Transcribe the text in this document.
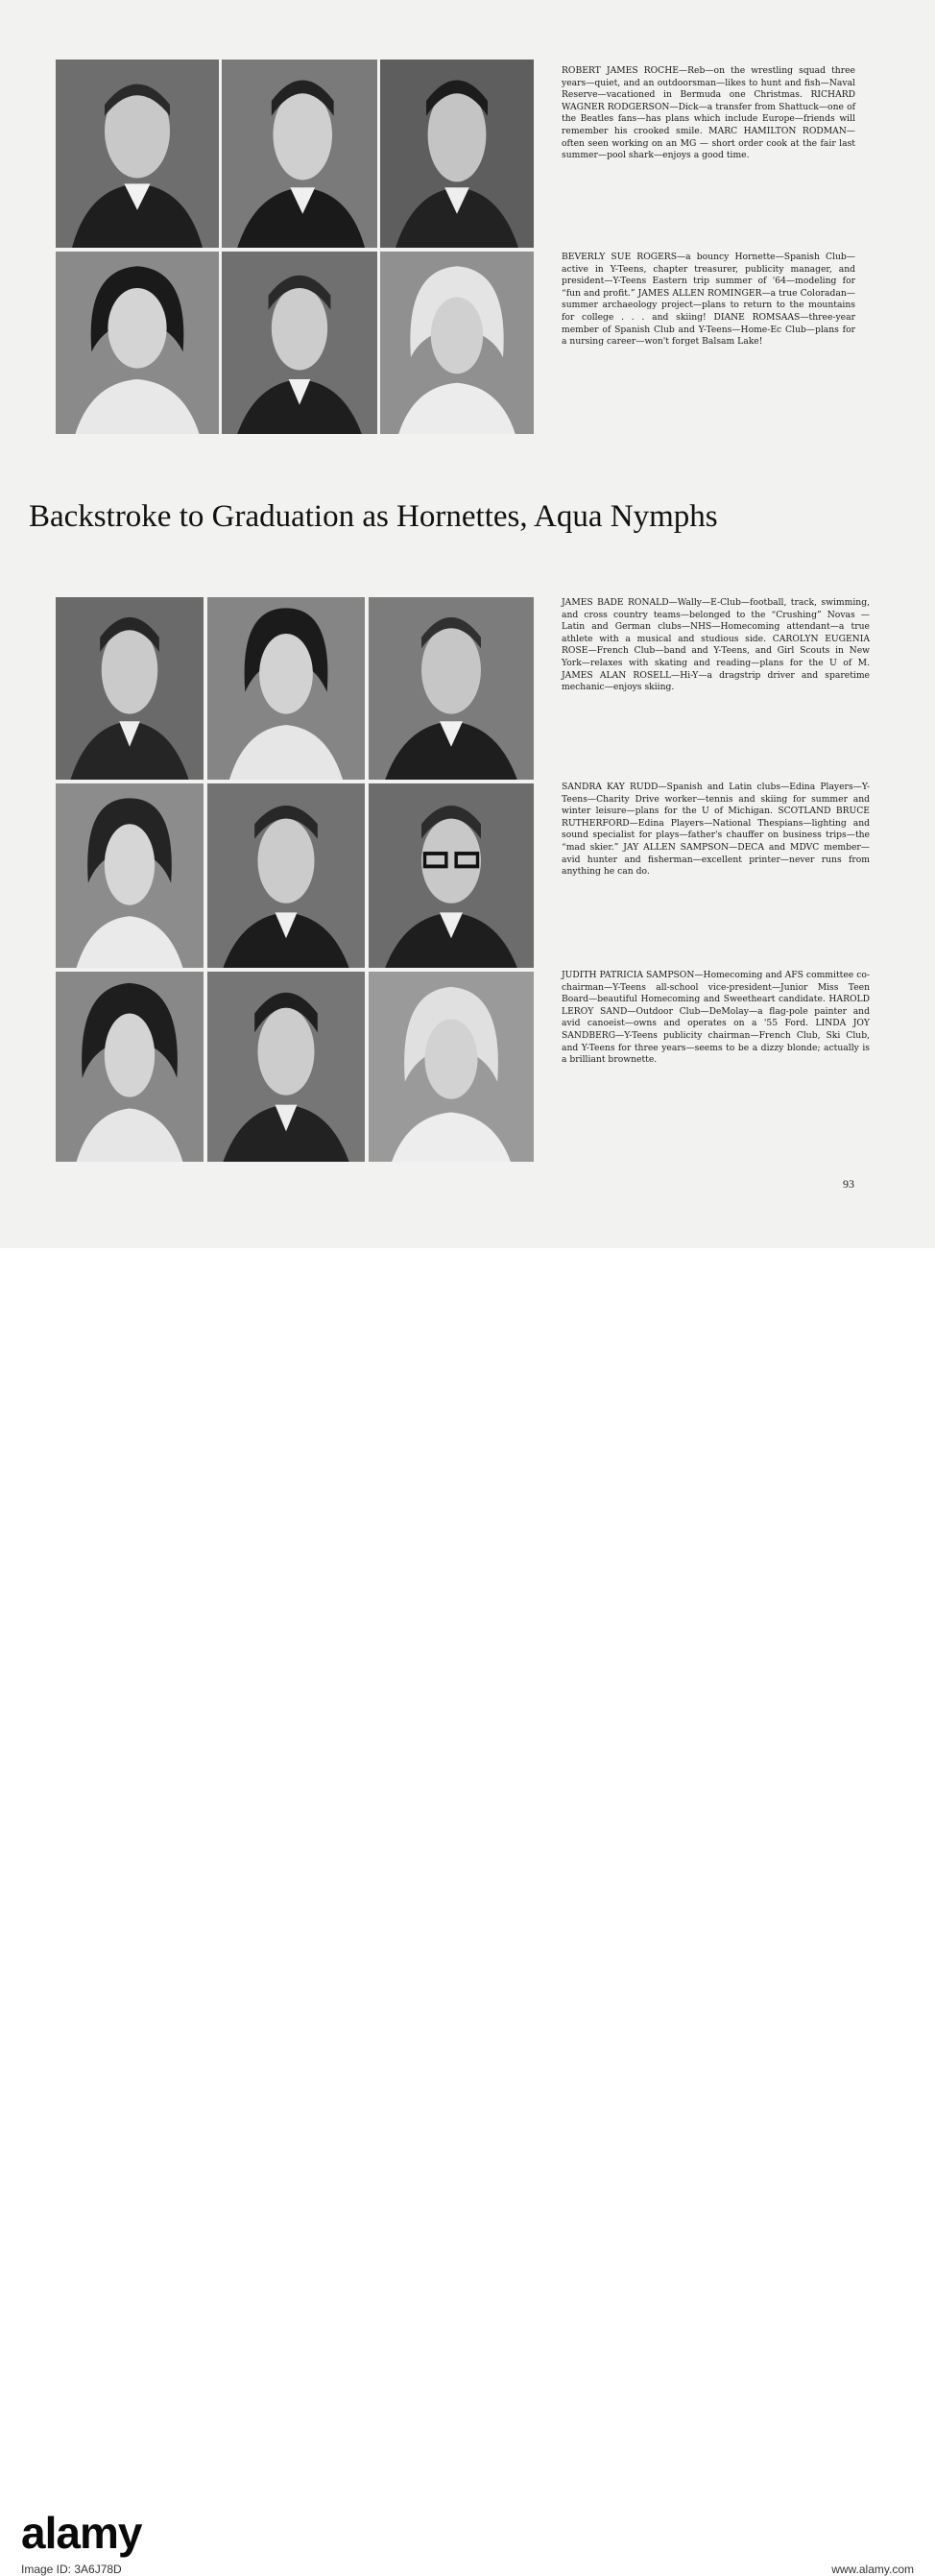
ROBERT JAMES ROCHE—Reb—on the wrestling squad three years—quiet, and an outdoorsman—likes to hunt and fish—Naval Reserve—vacationed in Bermuda one Christmas. RICHARD WAGNER RODGERSON—Dick—a transfer from Shattuck—one of the Beatles fans—has plans which include Europe—friends will remember his crooked smile. MARC HAMILTON RODMAN—often seen working on an MG — short order cook at the fair last summer—pool shark—enjoys a good time.
BEVERLY SUE ROGERS—a bouncy Hornette—Spanish Club—active in Y-Teens, chapter treasurer, publicity manager, and president—Y-Teens Eastern trip summer of '64—modeling for “fun and profit.” JAMES ALLEN ROMINGER—a true Coloradan—summer archaeology project—plans to return to the mountains for college . . . and skiing! DIANE ROMSAAS—three-year member of Spanish Club and Y-Teens—Home-Ec Club—plans for a nursing career—won't forget Balsam Lake!
Backstroke to Graduation as Hornettes, Aqua Nymphs
JAMES BADE RONALD—Wally—E-Club—football, track, swimming, and cross country teams—belonged to the “Crushing” Novas — Latin and German clubs—NHS—Homecoming attendant—a true athlete with a musical and studious side. CAROLYN EUGENIA ROSE—French Club—band and Y-Teens, and Girl Scouts in New York—relaxes with skating and reading—plans for the U of M. JAMES ALAN ROSELL—Hi-Y—a dragstrip driver and sparetime mechanic—enjoys skiing.
SANDRA KAY RUDD—Spanish and Latin clubs—Edina Players—Y-Teens—Charity Drive worker—tennis and skiing for summer and winter leisure—plans for the U of Michigan. SCOTLAND BRUCE RUTHERFORD—Edina Players—National Thespians—lighting and sound specialist for plays—father's chauffer on business trips—the “mad skier.” JAY ALLEN SAMPSON—DECA and MDVC member—avid hunter and fisherman—excellent printer—never runs from anything he can do.
JUDITH PATRICIA SAMPSON—Homecoming and AFS committee co-chairman—Y-Teens all-school vice-president—Junior Miss Teen Board—beautiful Homecoming and Sweetheart candidate. HAROLD LEROY SAND—Outdoor Club—DeMolay—a flag-pole painter and avid canoeist—owns and operates on a '55 Ford. LINDA JOY SANDBERG—Y-Teens publicity chairman—French Club, Ski Club, and Y-Teens for three years—seems to be a dizzy blonde; actually is a brilliant brownette.
93
alamy
Image ID: 3A6J78D	www.alamy.com
